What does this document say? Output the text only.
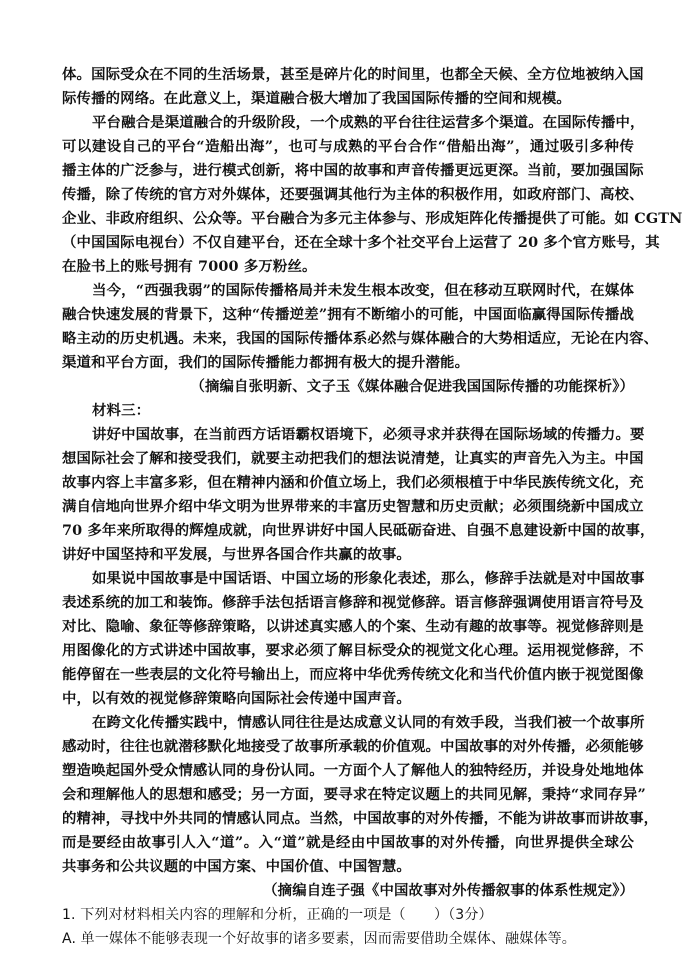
体。国际受众在不同的生活场景，甚至是碎片化的时间里，也都全天候、全方位地被纳入国
际传播的网络。在此意义上，渠道融合极大增加了我国国际传播的空间和规模。
平台融合是渠道融合的升级阶段，一个成熟的平台往往运营多个渠道。在国际传播中，
可以建设自己的平台“造船出海”，也可与成熟的平台合作“借船出海”，通过吸引多种传
播主体的广泛参与，进行模式创新，将中国的故事和声音传播更远更深。当前，要加强国际
传播，除了传统的官方对外媒体，还要强调其他行为主体的积极作用，如政府部门、高校、
企业、非政府组织、公众等。平台融合为多元主体参与、形成矩阵化传播提供了可能。如 CGTN
（中国国际电视台）不仅自建平台，还在全球十多个社交平台上运营了 20 多个官方账号，其
在脸书上的账号拥有 7000 多万粉丝。
当今，“西强我弱”的国际传播格局并未发生根本改变，但在移动互联网时代，在媒体
融合快速发展的背景下，这种“传播逆差”拥有不断缩小的可能，中国面临赢得国际传播战
略主动的历史机遇。未来，我国的国际传播体系必然与媒体融合的大势相适应，无论在内容、
渠道和平台方面，我们的国际传播能力都拥有极大的提升潜能。
（摘编自张明新、文子玉《媒体融合促进我国国际传播的功能探析》）
材料三：
讲好中国故事，在当前西方话语霸权语境下，必须寻求并获得在国际场域的传播力。要
想国际社会了解和接受我们，就要主动把我们的想法说清楚，让真实的声音先入为主。中国
故事内容上丰富多彩，但在精神内涵和价值立场上，我们必须根植于中华民族传统文化，充
满自信地向世界介绍中华文明为世界带来的丰富历史智慧和历史贡献；必须围绕新中国成立
70 多年来所取得的辉煌成就，向世界讲好中国人民砥砺奋进、自强不息建设新中国的故事，
讲好中国坚持和平发展，与世界各国合作共赢的故事。
如果说中国故事是中国话语、中国立场的形象化表述，那么，修辞手法就是对中国故事
表述系统的加工和装饰。修辞手法包括语言修辞和视觉修辞。语言修辞强调使用语言符号及
对比、隐喻、象征等修辞策略，以讲述真实感人的个案、生动有趣的故事等。视觉修辞则是
用图像化的方式讲述中国故事，要求必须了解目标受众的视觉文化心理。运用视觉修辞，不
能停留在一些表层的文化符号输出上，而应将中华优秀传统文化和当代价值内嵌于视觉图像
中，以有效的视觉修辞策略向国际社会传递中国声音。
在跨文化传播实践中，情感认同往往是达成意义认同的有效手段，当我们被一个故事所
感动时，往往也就潜移默化地接受了故事所承载的价值观。中国故事的对外传播，必须能够
塑造唤起国外受众情感认同的身份认同。一方面个人了解他人的独特经历，并设身处地地体
会和理解他人的思想和感受；另一方面，要寻求在特定议题上的共同见解，秉持“求同存异”
的精神，寻找中外共同的情感认同点。当然，中国故事的对外传播，不能为讲故事而讲故事，
而是要经由故事引人入“道”。入“道”就是经由中国故事的对外传播，向世界提供全球公
共事务和公共议题的中国方案、中国价值、中国智慧。
（摘编自连子强《中国故事对外传播叙事的体系性规定》）
1. 下列对材料相关内容的理解和分析，正确的一项是（　　）（3分）
A. 单一媒体不能够表现一个好故事的诸多要素，因而需要借助全媒体、融媒体等。
